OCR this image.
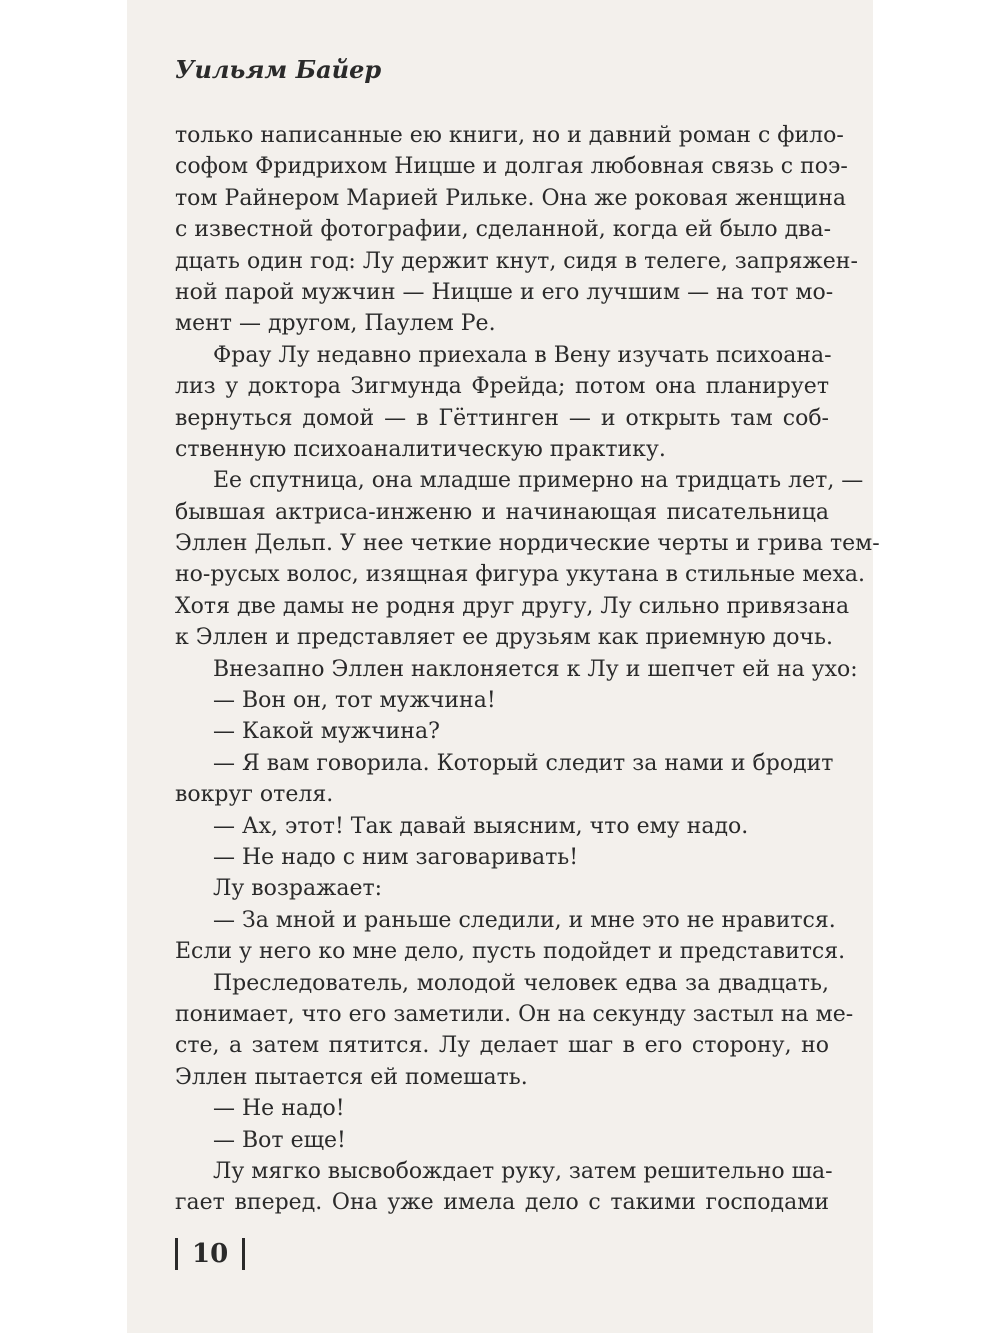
Уильям Байер
только написанные ею книги, но и давний роман с фило-
софом Фридрихом Ницше и долгая любовная связь с поэ-
том Райнером Марией Рильке. Она же роковая женщина
с известной фотографии, сделанной, когда ей было два-
дцать один год: Лу держит кнут, сидя в телеге, запряжен-
ной парой мужчин — Ницше и его лучшим — на тот мо-
мент — другом, Паулем Ре.
Фрау Лу недавно приехала в Вену изучать психоана-
лиз у доктора Зигмунда Фрейда; потом она планирует
вернуться домой — в Гёттинген — и открыть там соб-
ственную психоаналитическую практику.
Ее спутница, она младше примерно на тридцать лет, —
бывшая актриса-инженю и начинающая писательница
Эллен Дельп. У нее четкие нордические черты и грива тем-
но-русых волос, изящная фигура укутана в стильные меха.
Хотя две дамы не родня друг другу, Лу сильно привязана
к Эллен и представляет ее друзьям как приемную дочь.
Внезапно Эллен наклоняется к Лу и шепчет ей на ухо:
— Вон он, тот мужчина!
— Какой мужчина?
— Я вам говорила. Который следит за нами и бродит
вокруг отеля.
— Ах, этот! Так давай выясним, что ему надо.
— Не надо с ним заговаривать!
Лу возражает:
— За мной и раньше следили, и мне это не нравится.
Если у него ко мне дело, пусть подойдет и представится.
Преследователь, молодой человек едва за двадцать,
понимает, что его заметили. Он на секунду застыл на ме-
сте, а затем пятится. Лу делает шаг в его сторону, но
Эллен пытается ей помешать.
— Не надо!
— Вот еще!
Лу мягко высвобождает руку, затем решительно ша-
гает вперед. Она уже имела дело с такими господами
10
